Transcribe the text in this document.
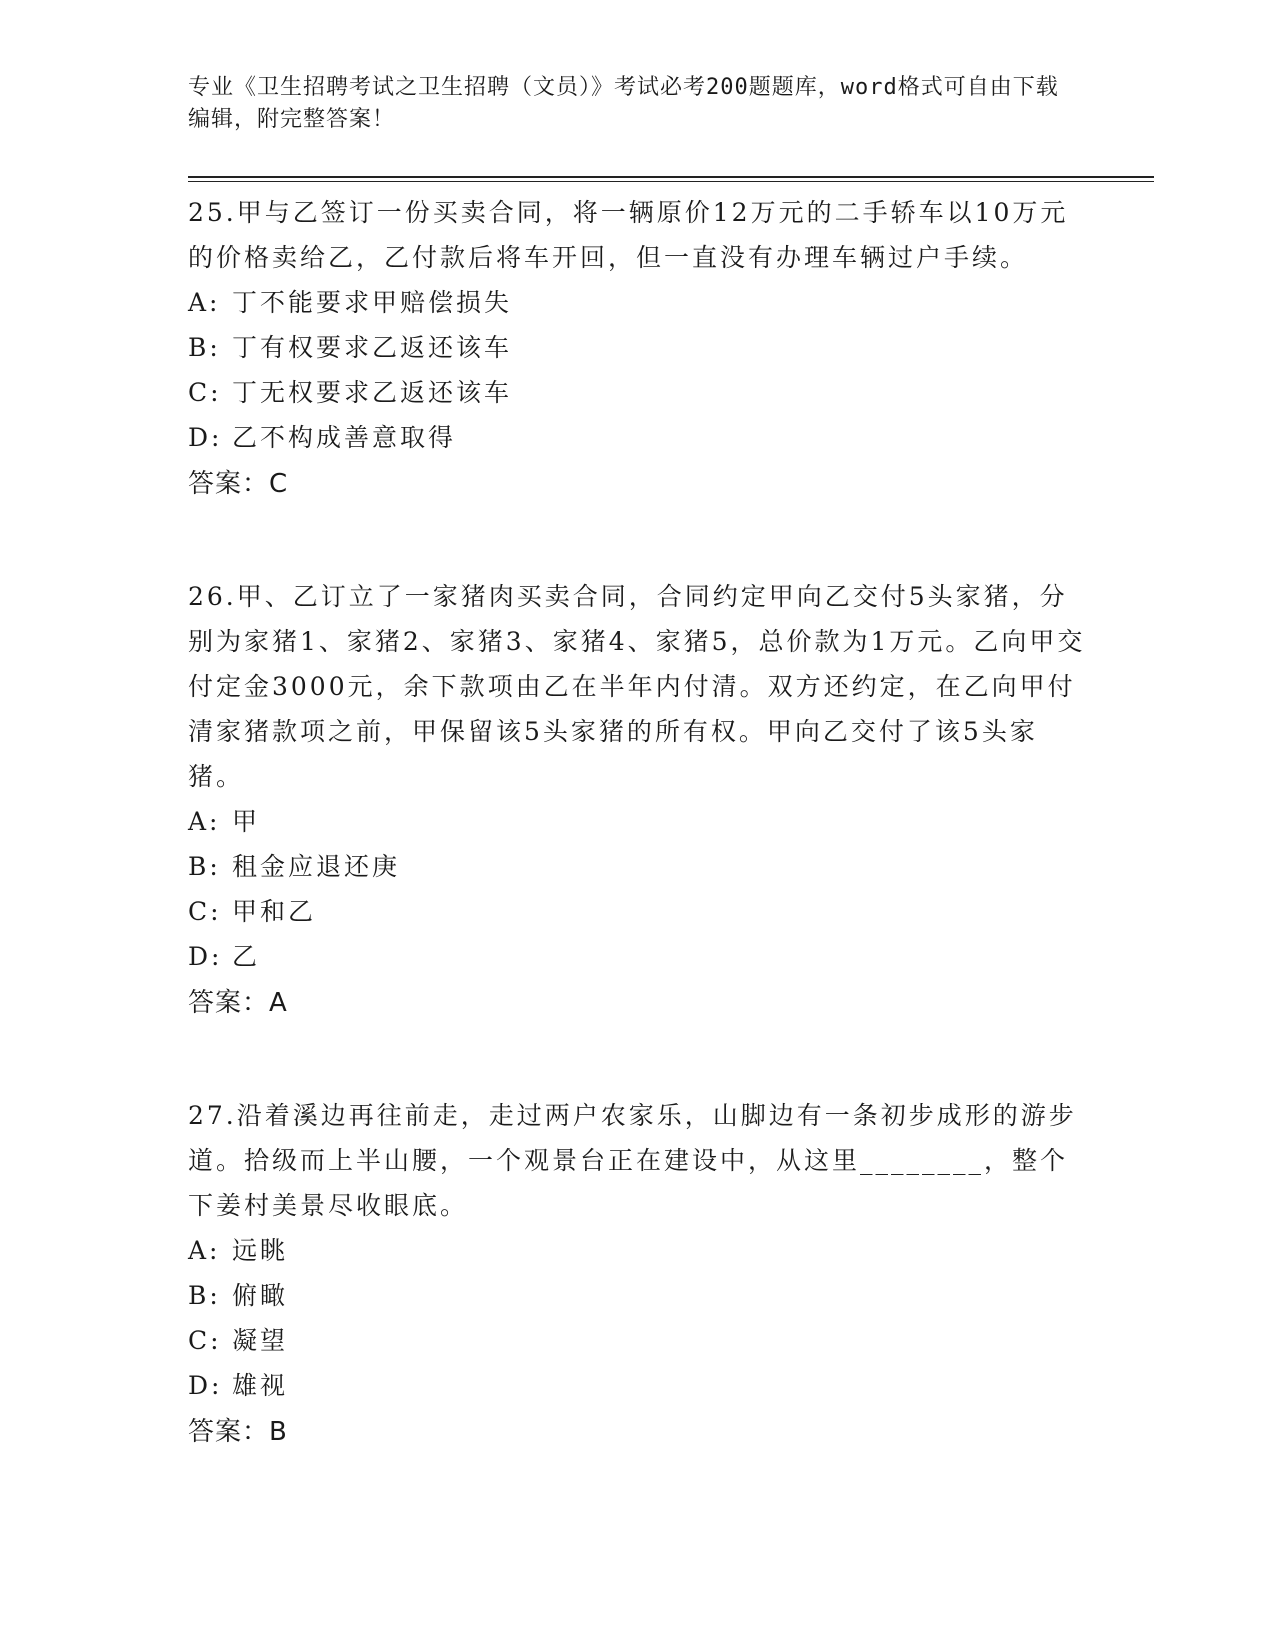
专业《卫生招聘考试之卫生招聘（文员）》考试必考200题题库，word格式可自由下载编辑，附完整答案！

25.甲与乙签订一份买卖合同，将一辆原价12万元的二手轿车以10万元的价格卖给乙，乙付款后将车开回，但一直没有办理车辆过户手续。

A: 丁不能要求甲赔偿损失

B: 丁有权要求乙返还该车

C: 丁无权要求乙返还该车

D: 乙不构成善意取得

答案：C

26.甲、乙订立了一家猪肉买卖合同，合同约定甲向乙交付5头家猪，分别为家猪1、家猪2、家猪3、家猪4、家猪5，总价款为1万元。乙向甲交付定金3000元，余下款项由乙在半年内付清。双方还约定，在乙向甲付清家猪款项之前，甲保留该5头家猪的所有权。甲向乙交付了该5头家猪。

A: 甲

B: 租金应退还庚

C: 甲和乙

D: 乙

答案：A

27.沿着溪边再往前走，走过两户农家乐，山脚边有一条初步成形的游步道。拾级而上半山腰，一个观景台正在建设中，从这里________，整个下姜村美景尽收眼底。

A: 远眺

B: 俯瞰

C: 凝望

D: 雄视

答案：B
